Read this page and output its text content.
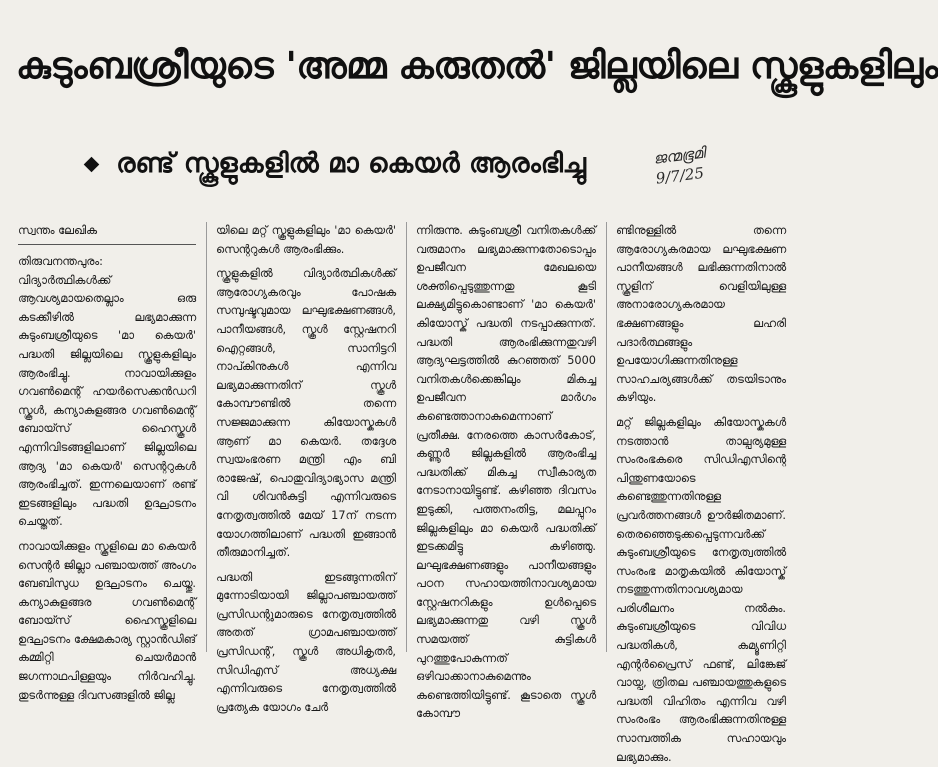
കുടുംബശ്രീയുടെ 'അമ്മ കരുതൽ' ജില്ലയിലെ സ്കൂളുകളിലും
രണ്ട് സ്കൂളുകളിൽ മാ കെയർ ആരംഭിച്ചു	ജന്മഭൂമി
9/7/25
സ്വന്തം ലേഖിക

തിരുവനന്തപുരം: വിദ്യാർത്ഥികൾക്ക് ആവശ്യമായതെല്ലാം ഒരു കടക്കീഴിൽ ലഭ്യമാക്കുന്ന കുടുംബശ്രീയുടെ 'മാ കെയർ' പദ്ധതി ജില്ലയിലെ സ്കൂളുകളിലും ആരംഭിച്ചു. നാവായിക്കുളം ഗവൺമെന്റ് ഹയർസെക്കൻഡറി സ്കൂൾ, കന്യാകുളങ്ങര ഗവൺമെന്റ് ബോയ്സ് ഹൈസ്കൂൾ എന്നിവിടങ്ങളിലാണ് ജില്ലയിലെ ആദ്യ 'മാ കെയർ' സെന്ററുകൾ ആരംഭിച്ചത്. ഇന്നലെയാണ് രണ്ട് ഇടങ്ങളിലും പദ്ധതി ഉദ്ഘാടനം ചെയ്തത്.

നാവായിക്കുളം സ്കൂളിലെ മാ കെയർ സെന്റർ ജില്ലാ പഞ്ചായത്ത് അംഗം ബേബിസുധ ഉദ്ഘാടനം ചെയ്തു. കന്യാകുളങ്ങര ഗവൺമെന്റ് ബോയ്സ് ഹൈസ്കൂളിലെ ഉദ്ഘാടനം ക്ഷേമകാര്യ സ്റ്റാൻഡിങ് കമ്മിറ്റി ചെയർമാൻ ജഗന്നാഥപിള്ളയും നിർവഹിച്ചു. തുടർന്നുള്ള ദിവസങ്ങളിൽ ജില്ല

യിലെ മറ്റ് സ്കൂളുകളിലും 'മാ കെയർ' സെന്ററുകൾ ആരംഭിക്കും.

സ്കൂളുകളിൽ വിദ്യാർത്ഥികൾക്ക് ആരോഗ്യകരവും പോഷക സമ്പുഷ്ടവുമായ ലഘുഭക്ഷണങ്ങൾ, പാനീയങ്ങൾ, സ്കൂൾ സ്റ്റേഷനറി ഐറ്റങ്ങൾ, സാനിട്ടറി നാപ്കിനുകൾ എന്നിവ ലഭ്യമാക്കുന്നതിന് സ്കൂൾ കോമ്പൗണ്ടിൽ തന്നെ സജ്ജമാക്കുന്ന കിയോസ്കുകൾ ആണ് മാ കെയർ. തദ്ദേശ സ്വയംഭരണ മന്ത്രി എം ബി രാജേഷ്, പൊതുവിദ്യാഭ്യാസ മന്ത്രി വി ശിവൻകുട്ടി എന്നിവരുടെ നേതൃത്വത്തിൽ മേയ് 17ന് നടന്ന യോഗത്തിലാണ് പദ്ധതി ഇങ്ങാൻ തീരുമാനിച്ചത്.

പദ്ധതി ഇടങ്ങുന്നതിന് മുന്നോടിയായി ജില്ലാപഞ്ചായത്ത് പ്രസിഡന്റുമാരുടെ നേതൃത്വത്തിൽ അതത് ഗ്രാമപഞ്ചായത്ത് പ്രസിഡന്റ്, സ്കൂൾ അധികൃതർ, സിഡിഎസ് അധ്യക്ഷ എന്നിവരുടെ നേതൃത്വത്തിൽ പ്രത്യേക യോഗം ചേർ

ന്നിരുന്നു. കുടുംബശ്രീ വനിതകൾക്ക് വരുമാനം ലഭ്യമാക്കുന്നതോടൊപ്പം ഉപജീവന മേഖലയെ ശക്തിപ്പെടുത്തുന്നതു കൂടി ലക്ഷ്യമിട്ടുകൊണ്ടാണ് 'മാ കെയർ' കിയോസ്ക് പദ്ധതി നടപ്പാക്കുന്നത്. പദ്ധതി ആരംഭിക്കുന്നതുവഴി ആദ്യഘട്ടത്തിൽ കുറഞ്ഞത് 5000 വനിതകൾക്കെങ്കിലും മികച്ച ഉപജീവന മാർഗം കണ്ടെത്താനാകുമെന്നാണ് പ്രതീക്ഷ. നേരത്തെ കാസർകോട്, കണ്ണൂർ ജില്ലകളിൽ ആരംഭിച്ച പദ്ധതിക്ക് മികച്ച സ്വീകാര്യത നേടാനായിട്ടുണ്ട്. കഴിഞ്ഞ ദിവസം ഇടുക്കി, പത്തനംതിട്ട, മലപ്പുറം ജില്ലകളിലും മാ കെയർ പദ്ധതിക്ക് ഇടക്കമിട്ടു കഴിഞ്ഞു. ലഘുഭക്ഷണങ്ങളും പാനീയങ്ങളും പഠന സഹായത്തിനാവശ്യമായ സ്റ്റേഷനറികളും ഉൾപ്പെടെ ലഭ്യമാക്കുന്നതു വഴി സ്കൂൾ സമയത്ത് കുട്ടികൾ പുറത്തുപോകുന്നത് ഒഴിവാക്കാനാകുമെന്നും കണ്ടെത്തിയിട്ടുണ്ട്. കൂടാതെ സ്കൂൾ കോമ്പൗ

ണ്ടിനുള്ളിൽ തന്നെ ആരോഗ്യകരമായ ലഘുഭക്ഷണ പാനീയങ്ങൾ ലഭിക്കുന്നതിനാൽ സ്കൂളിന് വെളിയിലുള്ള അനാരോഗ്യകരമായ ഭക്ഷണങ്ങളും ലഹരി പദാർത്ഥങ്ങളും ഉപയോഗിക്കുന്നതിനുള്ള സാഹചര്യങ്ങൾക്ക് തടയിടാനും കഴിയും.

മറ്റ് ജില്ലകളിലും കിയോസ്കുകൾ നടത്താൻ താല്പര്യമുള്ള സംരംഭകരെ സിഡിഎസിന്റെ പിന്തുണയോടെ കണ്ടെത്തുന്നതിനുള്ള പ്രവർത്തനങ്ങൾ ഊർജിതമാണ്. തെരഞ്ഞെടുക്കപ്പെടുന്നവർക്ക് കുടുംബശ്രീയുടെ നേതൃത്വത്തിൽ സംരംഭ മാതൃകയിൽ കിയോസ്ക് നടത്തുന്നതിനാവശ്യമായ പരിശീലനം നൽകും. കുടുംബശ്രീയുടെ വിവിധ പദ്ധതികൾ, കമ്യൂണിറ്റി എന്റർപ്രൈസ് ഫണ്ട്, ലിങ്കേജ് വായ്പ, ത്രിതല പഞ്ചായത്തുകളുടെ പദ്ധതി വിഹിതം എന്നിവ വഴി സംരംഭം ആരംഭിക്കുന്നതിനുള്ള സാമ്പത്തിക സഹായവും ലഭ്യമാക്കും.
